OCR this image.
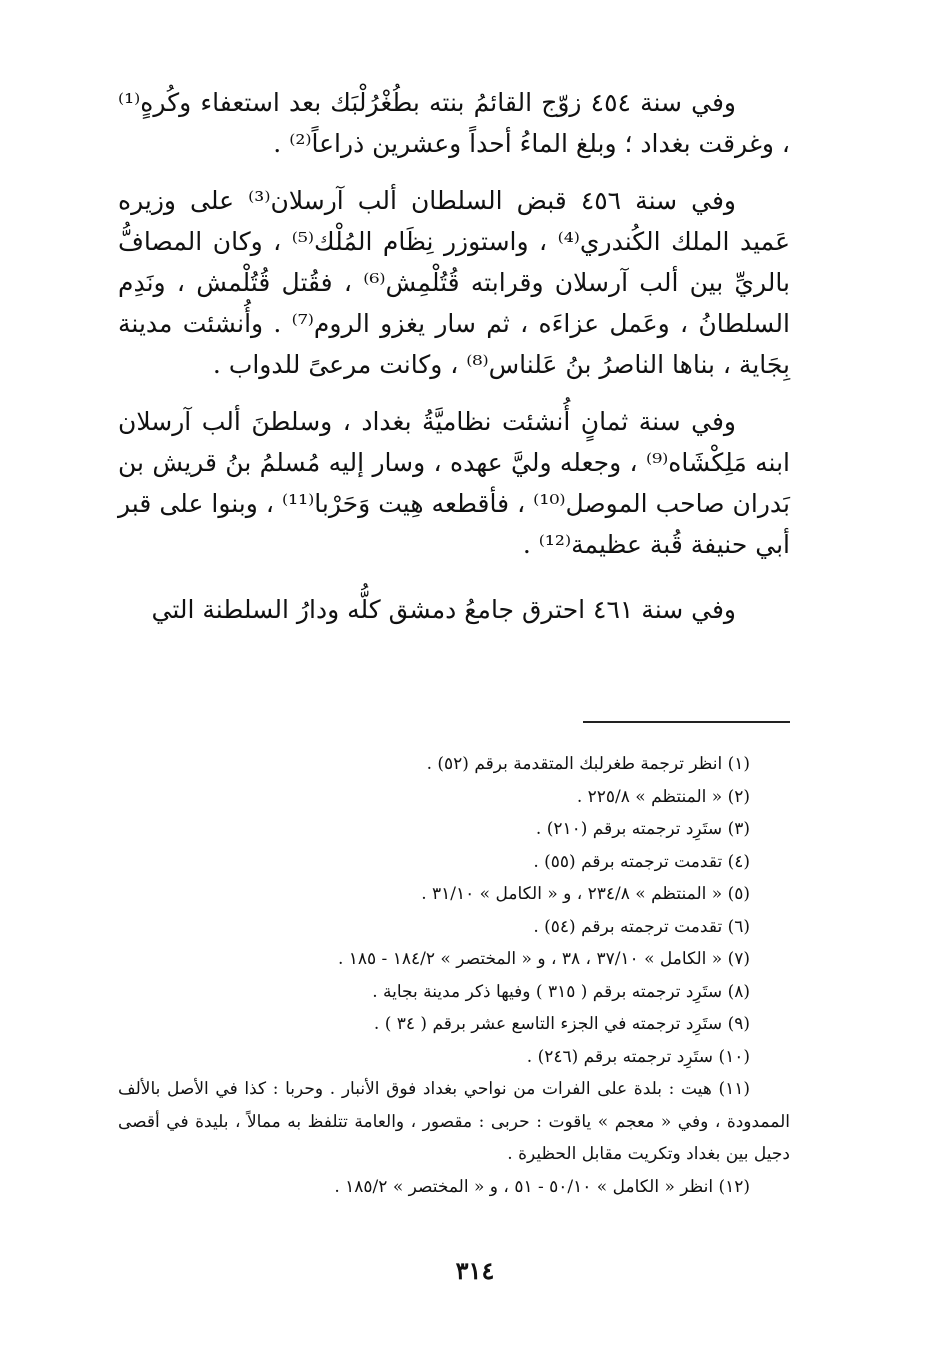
وفي سنة ٤٥٤ زوّج القائمُ بنته بطُغْرُلْبَك بعد استعفاء وكُرهٍ⁽¹⁾ ، وغرقت بغداد ؛ وبلغ الماءُ أحداً وعشرين ذراعاً⁽²⁾ .

وفي سنة ٤٥٦ قبض السلطان ألب آرسلان⁽³⁾ على وزيره عَميد الملك الكُندري⁽⁴⁾ ، واستوزر نِظَام المُلْك⁽⁵⁾ ، وكان المصافُّ بالريِّ بين ألب آرسلان وقرابته قُتُلْمِش⁽⁶⁾ ، فقُتل قُتُلْمش ، ونَدِم السلطانُ ، وعَمل عزاءَه ، ثم سار يغزو الروم⁽⁷⁾ . وأُنشئت مدينة بِجَاية ، بناها الناصرُ بنُ عَلناس⁽⁸⁾ ، وكانت مرعىً للدواب .

وفي سنة ثمانٍ أُنشئت نظاميَّةُ بغداد ، وسلطنَ ألب آرسلان ابنه مَلِكْشَاه⁽⁹⁾ ، وجعله وليَّ عهده ، وسار إليه مُسلمُ بنُ قريش بن بَدران صاحب الموصل⁽¹⁰⁾ ، فأقطعه هِيت وَحَرْبا⁽¹¹⁾ ، وبنوا على قبر أبي حنيفة قُبة عظيمة⁽¹²⁾ .

وفي سنة ٤٦١ احترق جامعُ دمشق كلُّه ودارُ السلطنة التي

(١) انظر ترجمة طغرلبك المتقدمة برقم (٥٢) .
(٢) « المنتظم » ٢٢٥/٨ .
(٣) ستَرِد ترجمته برقم (٢١٠) .
(٤) تقدمت ترجمته برقم (٥٥) .
(٥) « المنتظم » ٢٣٤/٨ ، و « الكامل » ٣١/١٠ .
(٦) تقدمت ترجمته برقم (٥٤) .
(٧) « الكامل » ٣٧/١٠ ، ٣٨ ، و « المختصر » ١٨٤/٢ - ١٨٥ .
(٨) ستَرِد ترجمته برقم ( ٣١٥ ) وفيها ذكر مدينة بجاية .
(٩) ستَرِد ترجمته في الجزء التاسع عشر برقم ( ٣٤ ) .
(١٠) ستَرِد ترجمته برقم (٢٤٦) .
(١١) هيت : بلدة على الفرات من نواحي بغداد فوق الأنبار . وحربا : كذا في الأصل بالألف الممدودة ، وفي « معجم » ياقوت : حربى : مقصور ، والعامة تتلفظ به ممالاً ، بليدة في أقصى دجيل بين بغداد وتكريت مقابل الحظيرة .
(١٢) انظر « الكامل » ٥٠/١٠ - ٥١ ، و « المختصر » ١٨٥/٢ .
٣١٤
